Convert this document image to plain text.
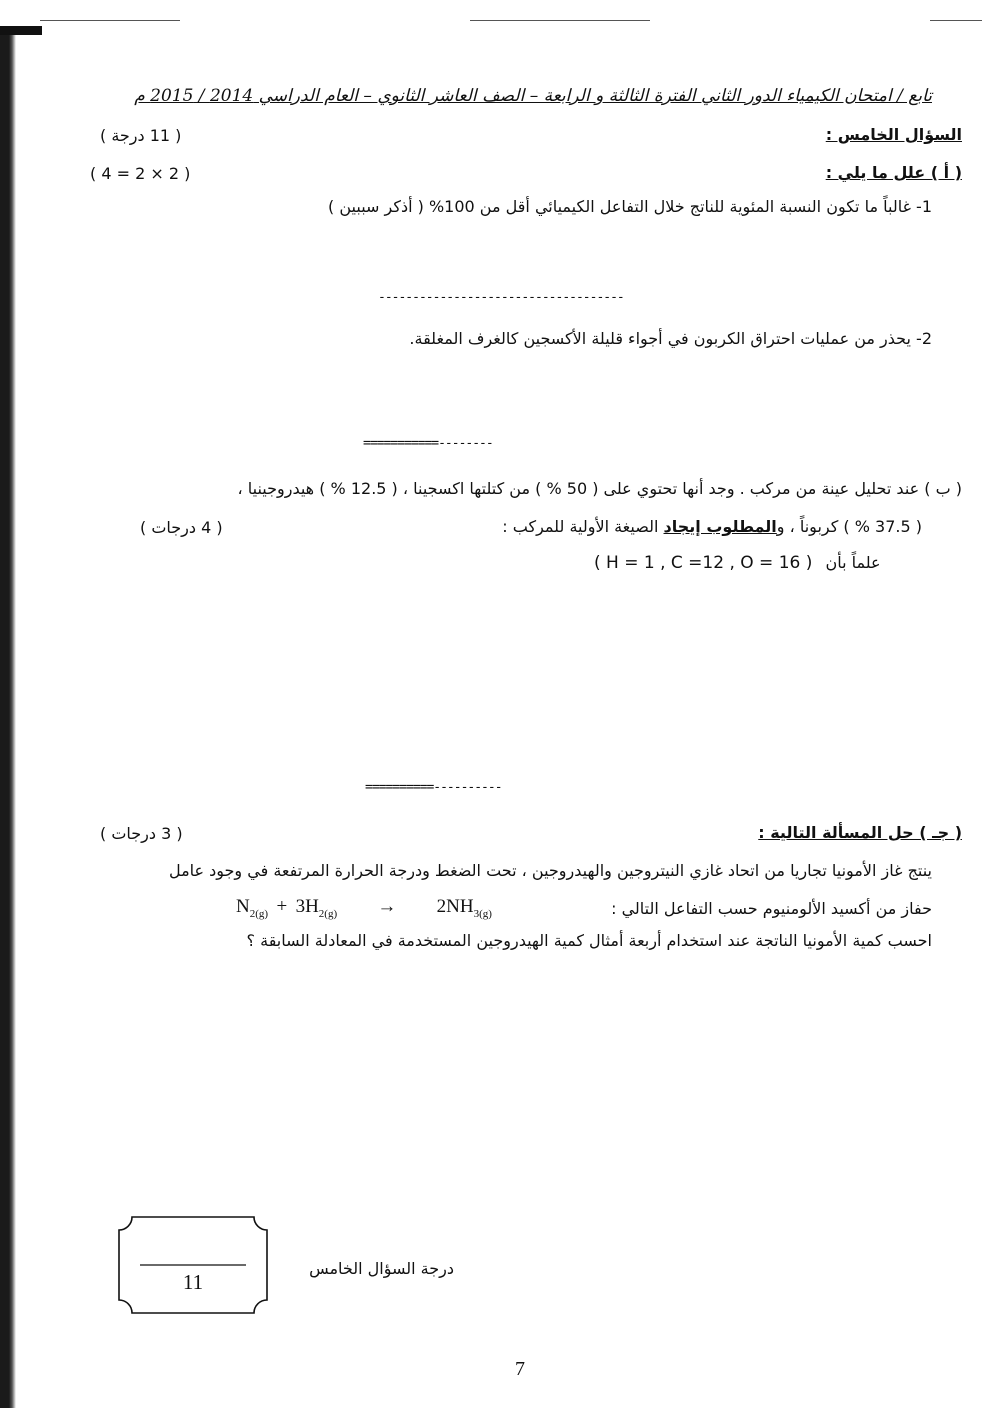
تابع / امتحان الكيمياء الدور الثاني الفترة الثالثة و الرابعة – الصف العاشر الثانوي – العام الدراسي 2014 / 2015 م
السؤال الخامس :
( 11 درجة )
( أ ) علل ما يلي :
( 2 × 2 = 4 )
1- غالباً ما تكون النسبة المئوية للناتج خلال التفاعل الكيميائي أقل من 100% ( أذكر سببين )
------------------------------------
2- يحذر من عمليات احتراق الكربون في أجواء قليلة الأكسجين كالغرف المغلقة.
===========--------
( ب ) عند تحليل عينة من مركب . وجد أنها تحتوي على ( 50 % ) من كتلتها اكسجينا ، ( 12.5 % ) هيدروجينيا ،
( 37.5 % ) كربوناً ، والمطلوب إيجاد الصيغة الأولية للمركب :
( 4 درجات )
( H = 1 , C =12 , O = 16 ) علماً بأن
==========----------
( جـ ) حل المسألة التالية :
( 3 درجات )
ينتج غاز الأمونيا تجاريا من اتحاد غازي النيتروجين والهيدروجين ، تحت الضغط ودرجة الحرارة المرتفعة في وجود عامل
حفاز من أكسيد الألومنيوم حسب التفاعل التالي :
$N_{2(g)} + 3H_{2(g)} \to 2NH_{3(g)}$
احسب كمية الأمونيا الناتجة عند استخدام أربعة أمثال كمية الهيدروجين المستخدمة في المعادلة السابقة ؟
11
درجة السؤال الخامس
7
